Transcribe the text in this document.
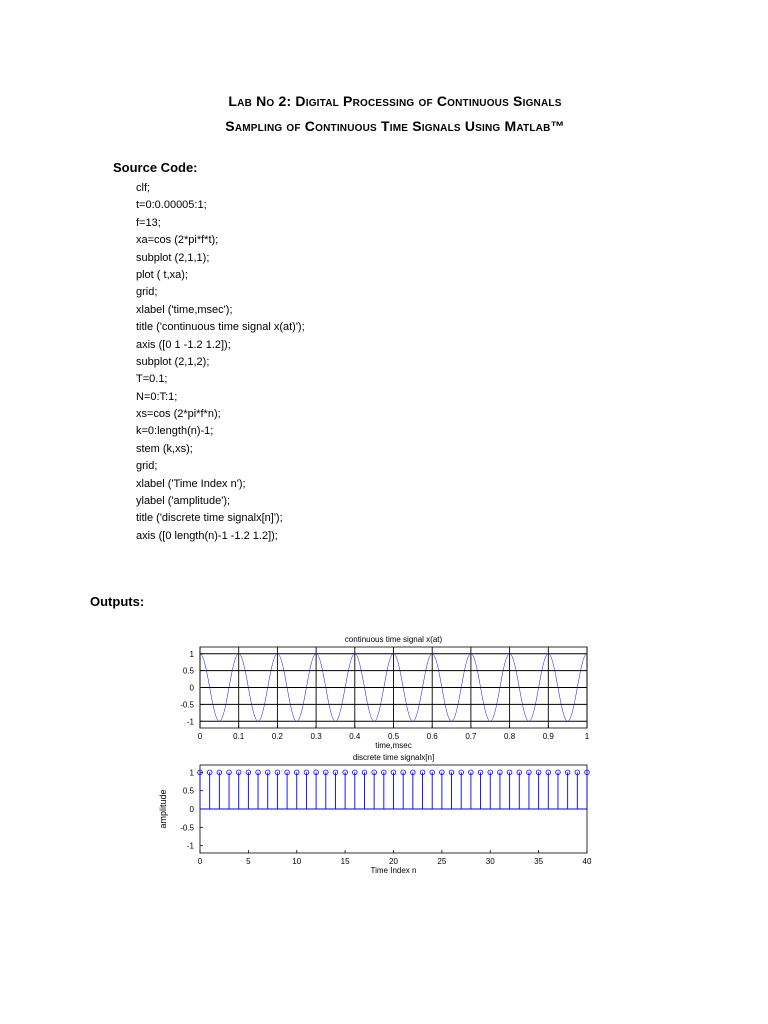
Lab No 2: Digital Processing of Continuous Signals
Sampling of Continuous Time Signals Using Matlab™
Source Code:
clf;
t=0:0.00005:1;
f=13;
xa=cos (2*pi*f*t);
subplot (2,1,1);
plot ( t,xa);
grid;
xlabel ('time,msec');
title ('continuous time signal x(at)');
axis ([0 1 -1.2 1.2]);
subplot (2,1,2);
T=0.1;
N=0:T:1;
xs=cos (2*pi*f*n);
k=0:length(n)-1;
stem (k,xs);
grid;
xlabel ('Time Index n');
ylabel ('amplitude');
title ('discrete time signalx[n]');
axis ([0 length(n)-1 -1.2 1.2]);
Outputs:
continuous time signal x(at)
0	0.1	0.2	0.3	0.4	0.5	0.6	0.7	0.8	0.9	1
1
0.5
0
-0.5
-1
time,msec
discrete time signalx[n]
0	5	10	15	20	25	30	35	40
1
0.5
0
-0.5
-1
Time Index n
amplitude
